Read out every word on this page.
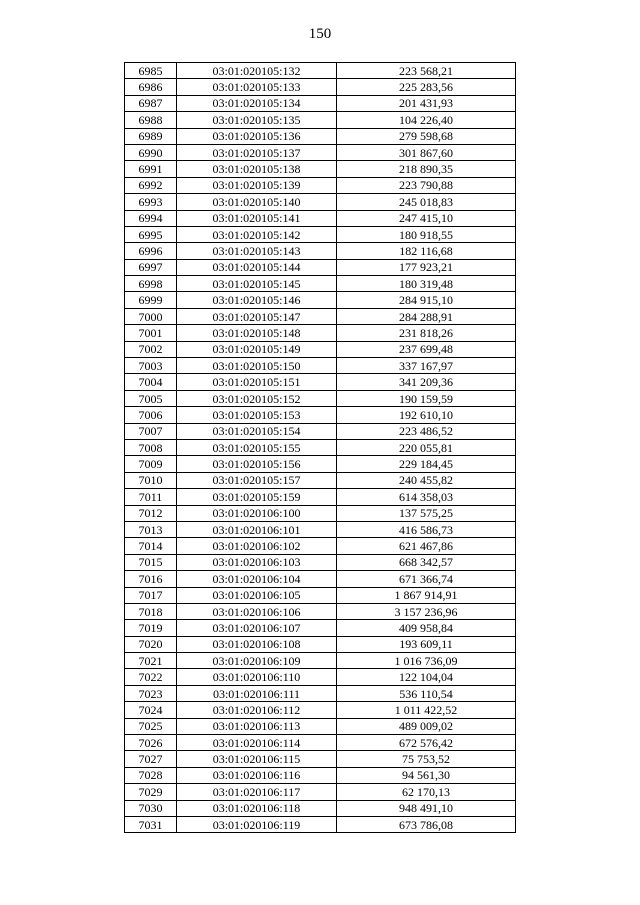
150
6985	03:01:020105:132	223 568,21
6986	03:01:020105:133	225 283,56
6987	03:01:020105:134	201 431,93
6988	03:01:020105:135	104 226,40
6989	03:01:020105:136	279 598,68
6990	03:01:020105:137	301 867,60
6991	03:01:020105:138	218 890,35
6992	03:01:020105:139	223 790,88
6993	03:01:020105:140	245 018,83
6994	03:01:020105:141	247 415,10
6995	03:01:020105:142	180 918,55
6996	03:01:020105:143	182 116,68
6997	03:01:020105:144	177 923,21
6998	03:01:020105:145	180 319,48
6999	03:01:020105:146	284 915,10
7000	03:01:020105:147	284 288,91
7001	03:01:020105:148	231 818,26
7002	03:01:020105:149	237 699,48
7003	03:01:020105:150	337 167,97
7004	03:01:020105:151	341 209,36
7005	03:01:020105:152	190 159,59
7006	03:01:020105:153	192 610,10
7007	03:01:020105:154	223 486,52
7008	03:01:020105:155	220 055,81
7009	03:01:020105:156	229 184,45
7010	03:01:020105:157	240 455,82
7011	03:01:020105:159	614 358,03
7012	03:01:020106:100	137 575,25
7013	03:01:020106:101	416 586,73
7014	03:01:020106:102	621 467,86
7015	03:01:020106:103	668 342,57
7016	03:01:020106:104	671 366,74
7017	03:01:020106:105	1 867 914,91
7018	03:01:020106:106	3 157 236,96
7019	03:01:020106:107	409 958,84
7020	03:01:020106:108	193 609,11
7021	03:01:020106:109	1 016 736,09
7022	03:01:020106:110	122 104,04
7023	03:01:020106:111	536 110,54
7024	03:01:020106:112	1 011 422,52
7025	03:01:020106:113	489 009,02
7026	03:01:020106:114	672 576,42
7027	03:01:020106:115	75 753,52
7028	03:01:020106:116	94 561,30
7029	03:01:020106:117	62 170,13
7030	03:01:020106:118	948 491,10
7031	03:01:020106:119	673 786,08
